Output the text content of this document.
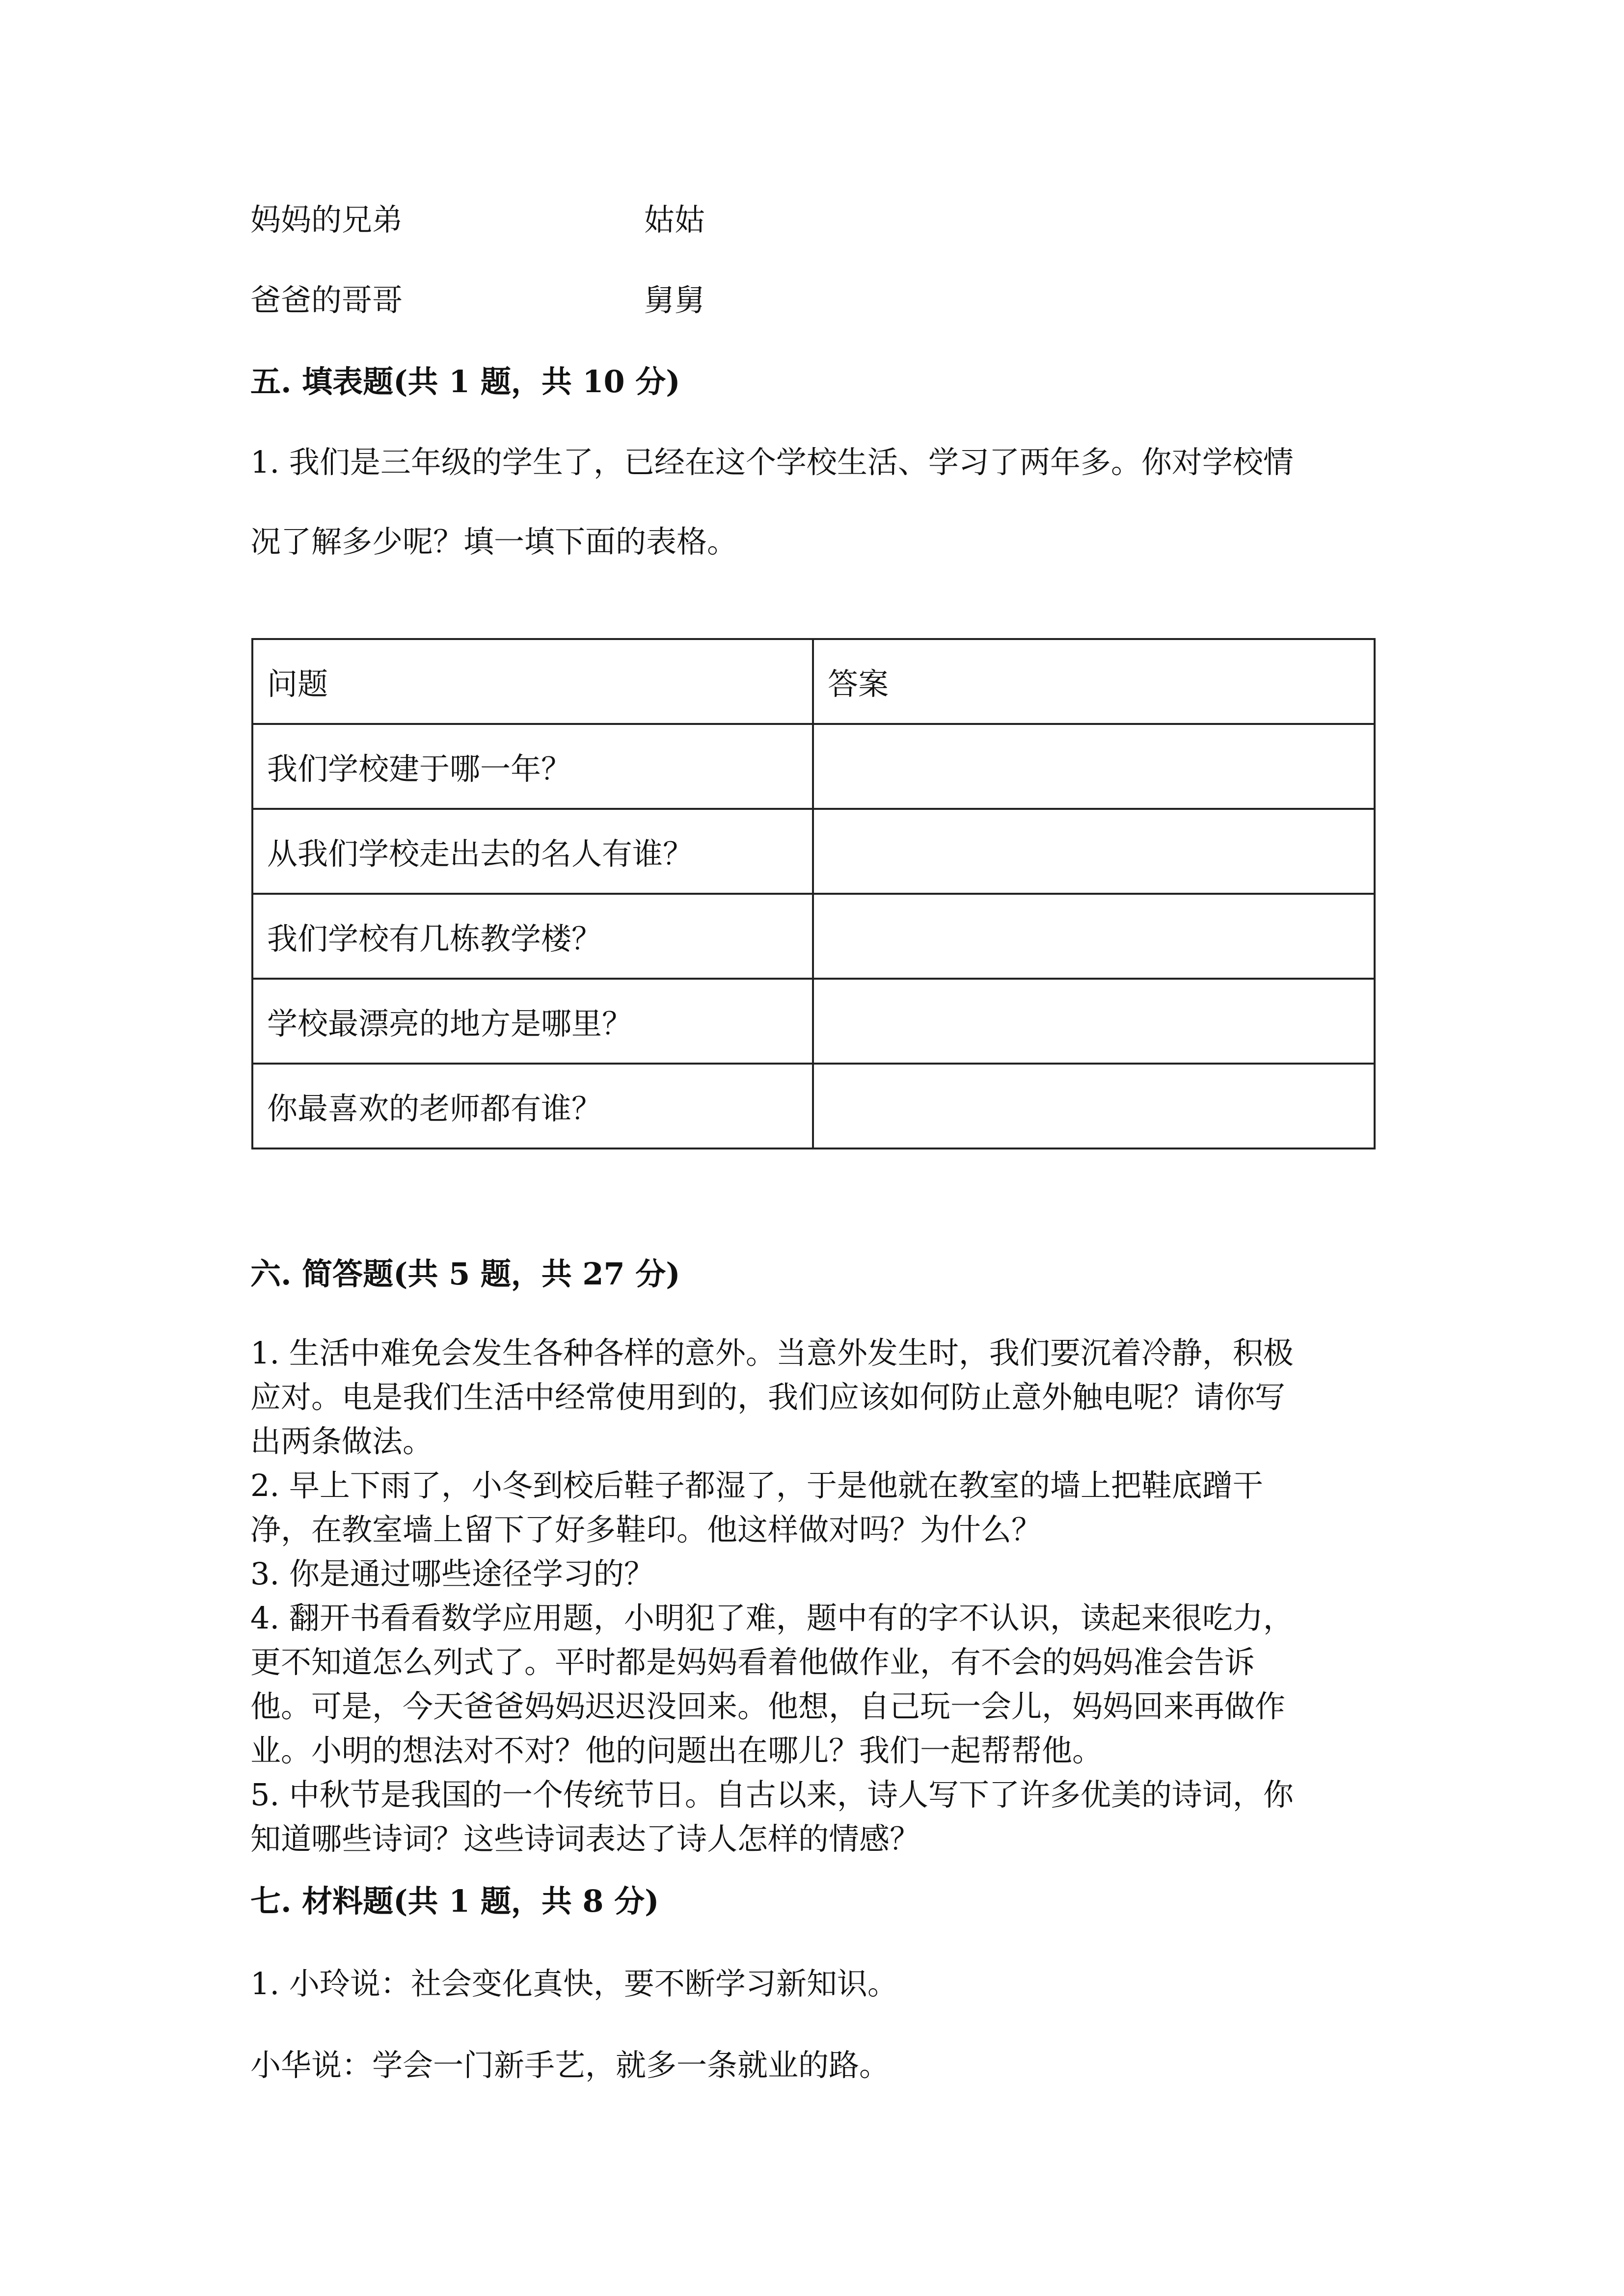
妈妈的兄弟	姑姑
爸爸的哥哥	舅舅
五. 填表题(共 1 题，共 10 分)
1. 我们是三年级的学生了，已经在这个学校生活、学习了两年多。你对学校情
况了解多少呢？填一填下面的表格。
问题	答案
我们学校建于哪一年？	
从我们学校走出去的名人有谁？	
我们学校有几栋教学楼？	
学校最漂亮的地方是哪里？	
你最喜欢的老师都有谁？	
六. 简答题(共 5 题，共 27 分)

1. 生活中难免会发生各种各样的意外。当意外发生时，我们要沉着冷静，积极

应对。电是我们生活中经常使用到的，我们应该如何防止意外触电呢？请你写

出两条做法。

2. 早上下雨了，小冬到校后鞋子都湿了，于是他就在教室的墙上把鞋底蹭干

净，在教室墙上留下了好多鞋印。他这样做对吗？为什么？

3. 你是通过哪些途径学习的？

4. 翻开书看看数学应用题，小明犯了难，题中有的字不认识，读起来很吃力，

更不知道怎么列式了。平时都是妈妈看着他做作业，有不会的妈妈准会告诉

他。可是，今天爸爸妈妈迟迟没回来。他想，自己玩一会儿，妈妈回来再做作

业。小明的想法对不对？他的问题出在哪儿？我们一起帮帮他。

5. 中秋节是我国的一个传统节日。自古以来，诗人写下了许多优美的诗词，你

知道哪些诗词？这些诗词表达了诗人怎样的情感？

七. 材料题(共 1 题，共 8 分)
1. 小玲说：社会变化真快，要不断学习新知识。
小华说：学会一门新手艺，就多一条就业的路。
